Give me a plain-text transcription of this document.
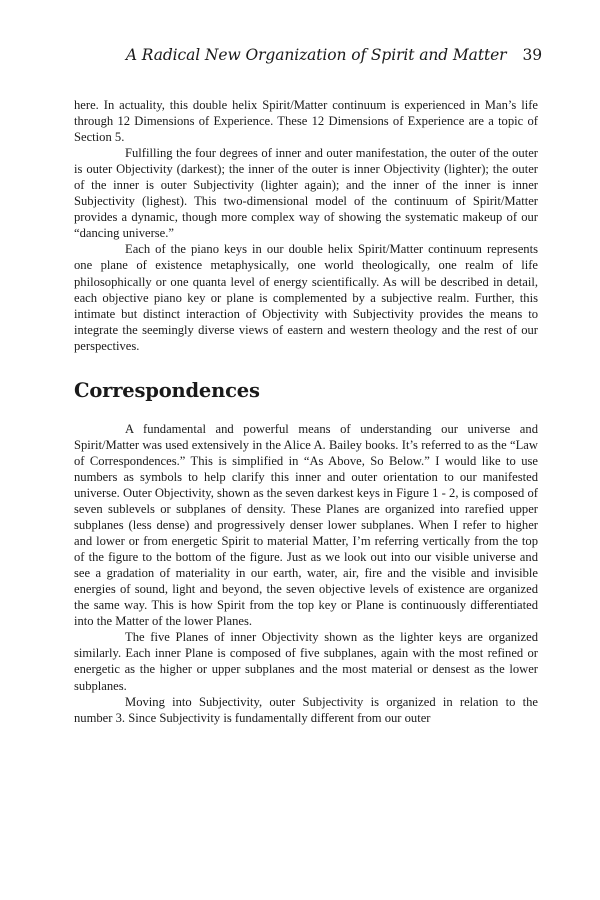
A Radical New Organization of Spirit and Matter 39

here. In actuality, this double helix Spirit/Matter continuum is experienced in Man’s life through 12 Dimensions of Experience. These 12 Dimensions of Experience are a topic of Section 5.

Fulfilling the four degrees of inner and outer manifestation, the outer of the outer is outer Objectivity (darkest); the inner of the outer is inner Objectivity (lighter); the outer of the inner is outer Subjectivity (lighter again); and the inner of the inner is inner Subjectivity (lighest). This two-dimensional model of the continuum of Spirit/Matter provides a dynamic, though more complex way of showing the systematic makeup of our “dancing universe.”

Each of the piano keys in our double helix Spirit/Matter continuum represents one plane of existence metaphysically, one world theologically, one realm of life philosophically or one quanta level of energy scientifically. As will be described in detail, each objective piano key or plane is complemented by a subjective realm. Further, this intimate but distinct interaction of Objectivity with Subjectivity provides the means to integrate the seemingly diverse views of eastern and western theology and the rest of our perspectives.

Correspondences

A fundamental and powerful means of understanding our universe and Spirit/Matter was used extensively in the Alice A. Bailey books. It’s referred to as the “Law of Correspondences.” This is simplified in “As Above, So Below.” I would like to use numbers as symbols to help clarify this inner and outer orientation to our manifested universe. Outer Objectivity, shown as the seven darkest keys in Figure 1 - 2, is composed of seven sublevels or subplanes of density. These Planes are organized into rarefied upper subplanes (less dense) and progressively denser lower subplanes. When I refer to higher and lower or from energetic Spirit to material Matter, I’m referring vertically from the top of the figure to the bottom of the figure. Just as we look out into our visible universe and see a gradation of materiality in our earth, water, air, fire and the visible and invisible energies of sound, light and beyond, the seven objective levels of existence are organized the same way. This is how Spirit from the top key or Plane is continuously differentiated into the Matter of the lower Planes.

The five Planes of inner Objectivity shown as the lighter keys are organized similarly. Each inner Plane is composed of five subplanes, again with the most refined or energetic as the higher or upper subplanes and the most material or densest as the lower subplanes.

Moving into Subjectivity, outer Subjectivity is organized in relation to the number 3. Since Subjectivity is fundamentally different from our outer
